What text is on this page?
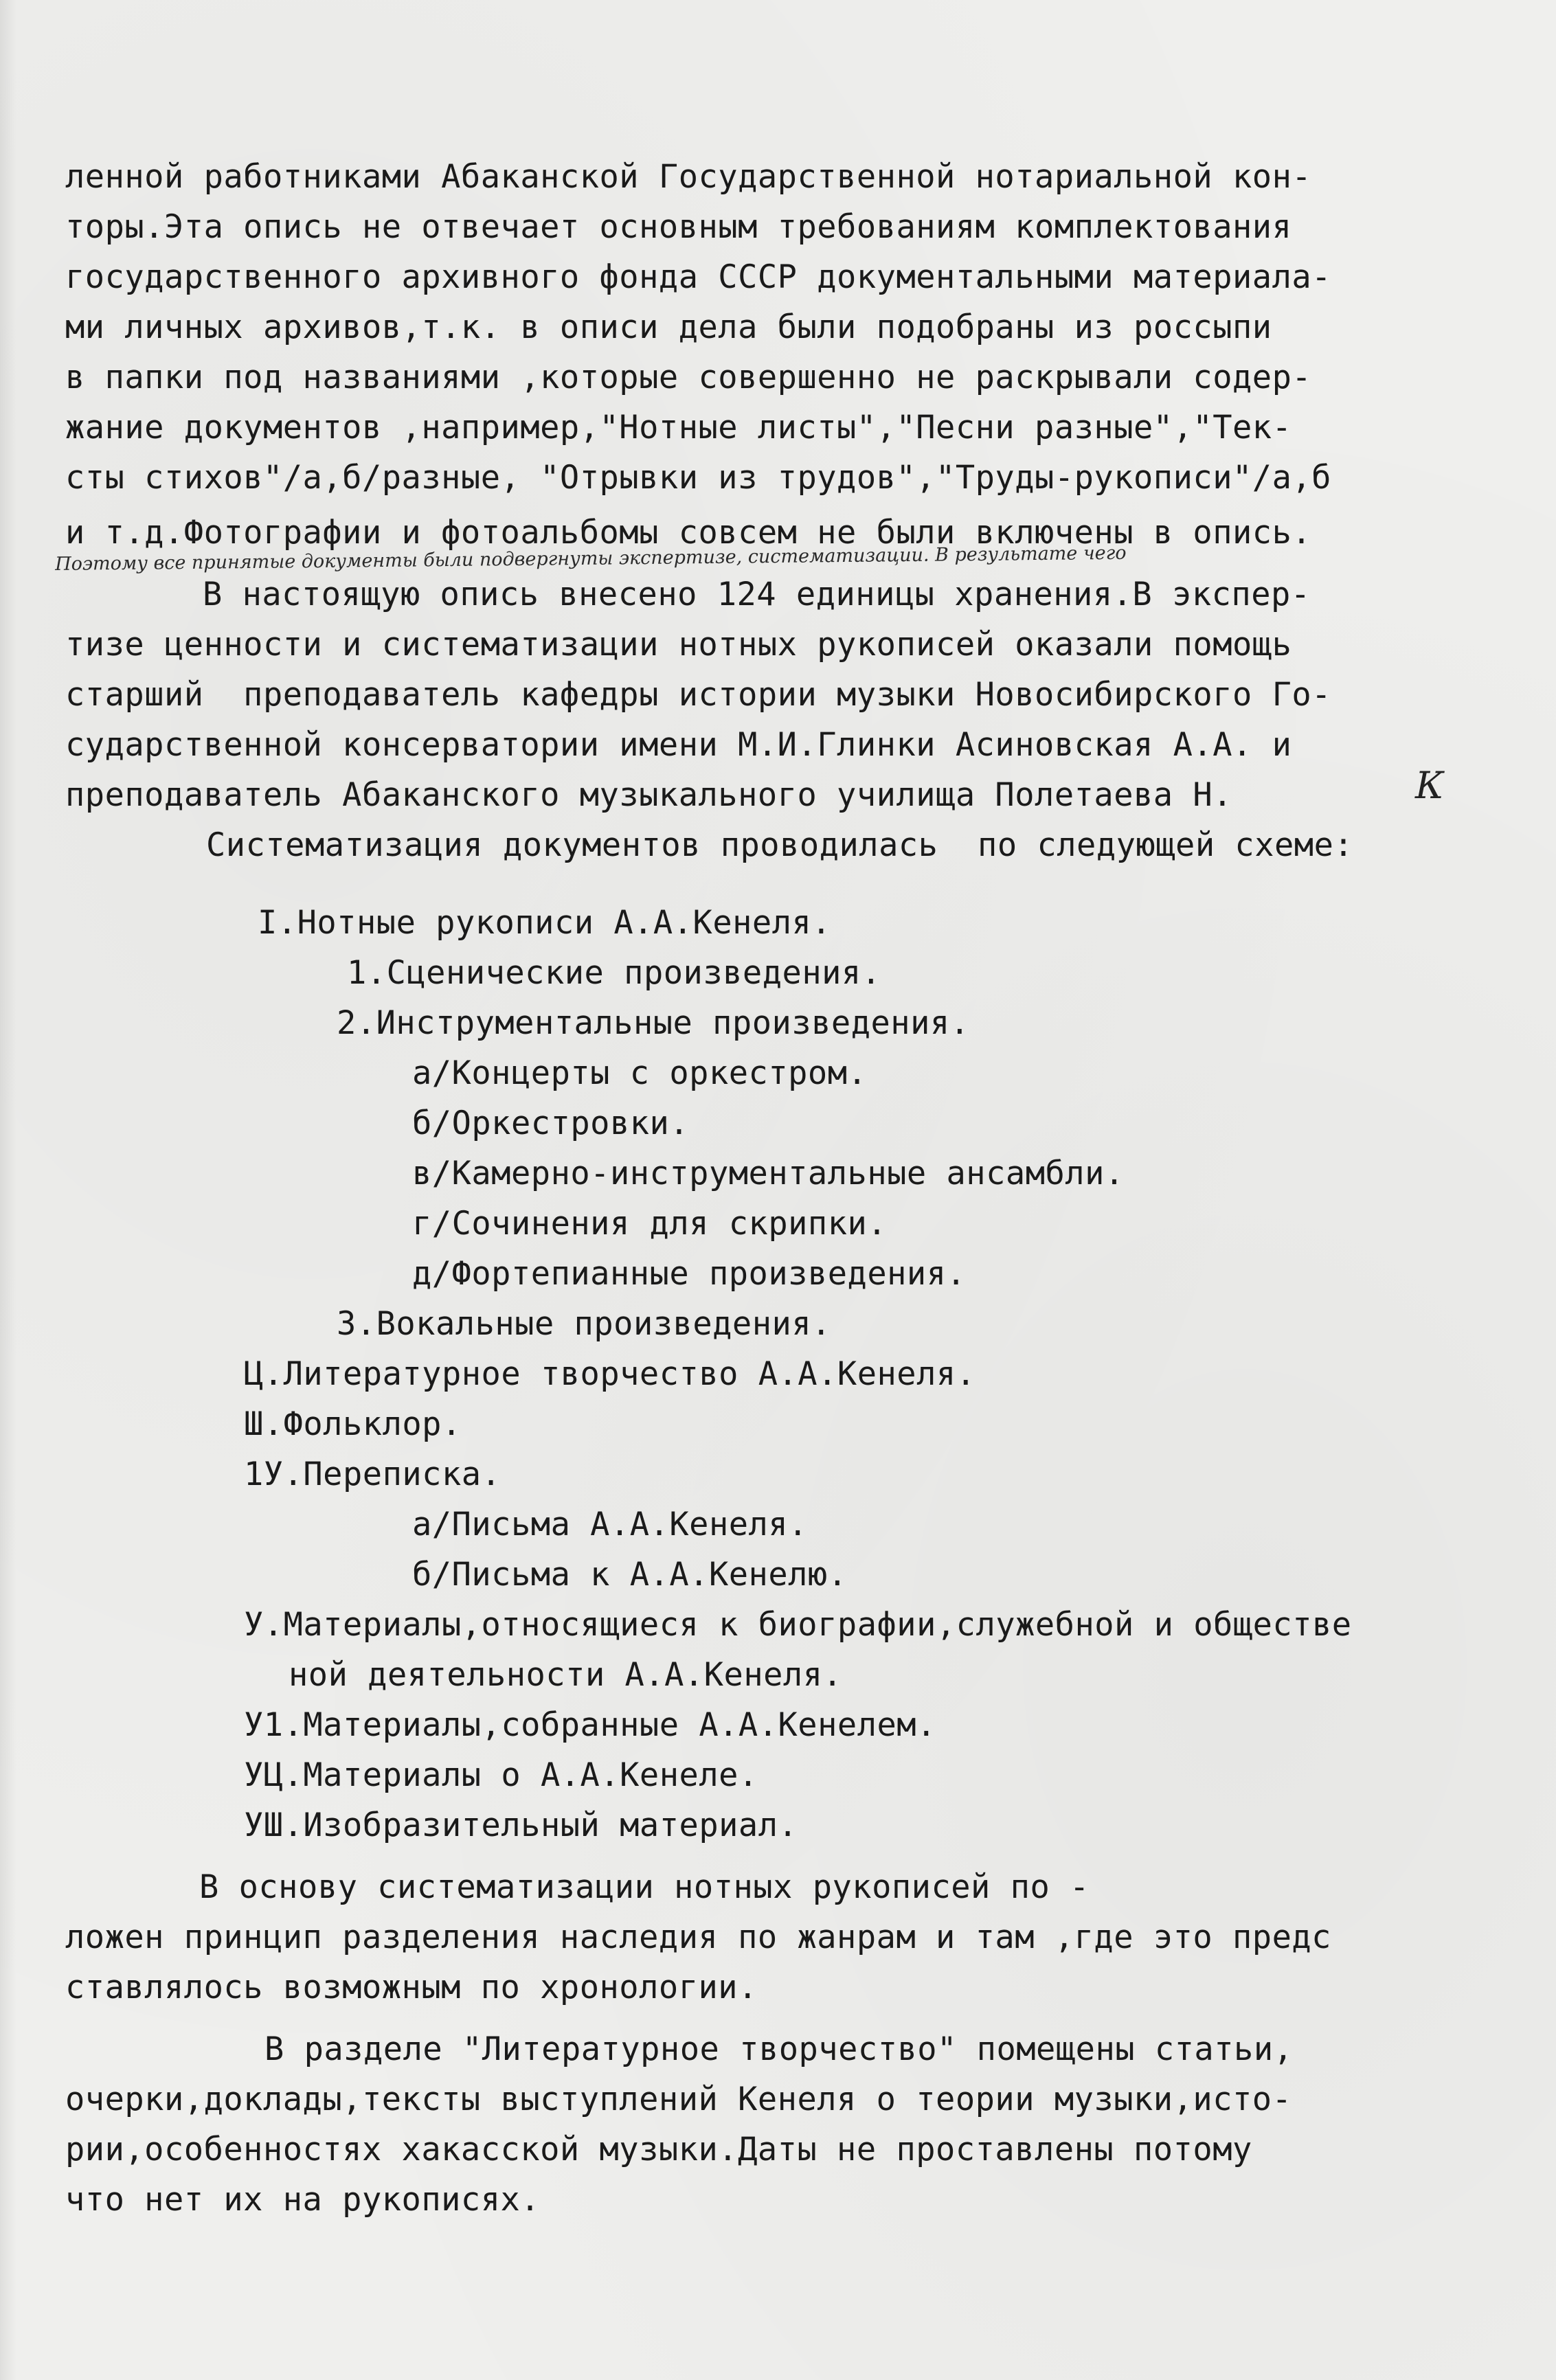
ленной работниками Абаканской Государственной нотариальной кон-
торы.Эта опись не отвечает основным требованиям комплектования
государственного архивного фонда СССР документальными материала-
ми личных архивов,т.к. в описи дела были подобраны из россыпи
в папки под названиями ,которые совершенно не раскрывали содер-
жание документов ,например,"Нотные листы","Песни разные","Тек-
сты стихов"/а,б/разные, "Отрывки из трудов","Труды-рукописи"/а,б
и т.д.Фотографии и фотоальбомы совсем не были включены в опись.
Поэтому все принятые документы были подвергнуты экспертизе, систематизации. В результате чего
В настоящую опись внесено 124 единицы хранения.В экспер-
тизе ценности и систематизации нотных рукописей оказали помощь
старший  преподаватель кафедры истории музыки Новосибирского Го-
сударственной консерватории имени М.И.Глинки Асиновская А.А. и
преподаватель Абаканского музыкального училища Полетаева Н.	К
Систематизация документов проводилась  по следующей схеме:
I.Нотные рукописи А.А.Кенеля.
1.Сценические произведения.
2.Инструментальные произведения.
а/Концерты с оркестром.
б/Оркестровки.
в/Камерно-инструментальные ансамбли.
г/Сочинения для скрипки.
д/Фортепианные произведения.
3.Вокальные произведения.
Ц.Литературное творчество А.А.Кенеля.
Ш.Фольклор.
1У.Переписка.
а/Письма А.А.Кенеля.
б/Письма к А.А.Кенелю.
У.Материалы,относящиеся к биографии,служебной и обществе
ной деятельности А.А.Кенеля.
У1.Материалы,собранные А.А.Кенелем.
УЦ.Материалы о А.А.Кенеле.
УШ.Изобразительный материал.
В основу систематизации нотных рукописей по -
ложен принцип разделения наследия по жанрам и там ,где это предс
ставлялось возможным по хронологии.
В разделе "Литературное творчество" помещены статьи,
очерки,доклады,тексты выступлений Кенеля о теории музыки,исто-
рии,особенностях хакасской музыки.Даты не проставлены потому
что нет их на рукописях.
